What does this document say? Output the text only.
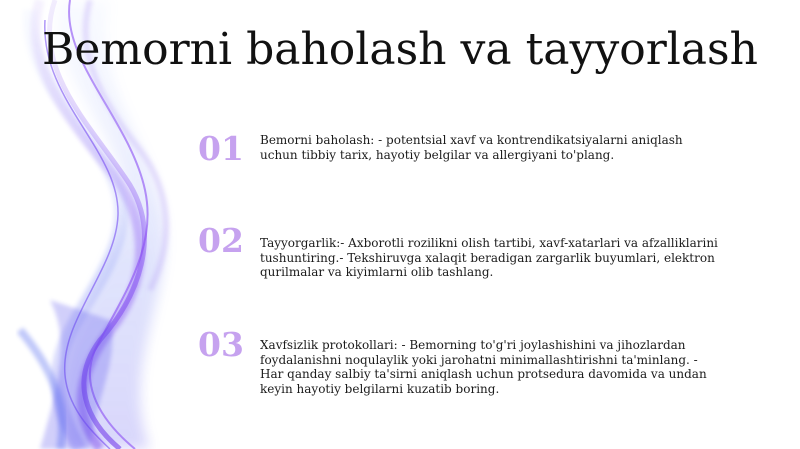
Bemorni baholash va tayyorlash
01	Bemorni baholash: - potentsial xavf va kontrendikatsiyalarni aniqlash uchun tibbiy tarix, hayotiy belgilar va allergiyani to'plang.
02	Tayyorgarlik:- Axborotli rozilikni olish tartibi, xavf-xatarlari va afzalliklarini tushuntiring.- Tekshiruvga xalaqit beradigan zargarlik buyumlari, elektron qurilmalar va kiyimlarni olib tashlang.
03	Xavfsizlik protokollari: - Bemorning to'g'ri joylashishini va jihozlardan foydalanishni noqulaylik yoki jarohatni minimallashtirishni ta'minlang. - Har qanday salbiy ta'sirni aniqlash uchun protsedura davomida va undan keyin hayotiy belgilarni kuzatib boring.
